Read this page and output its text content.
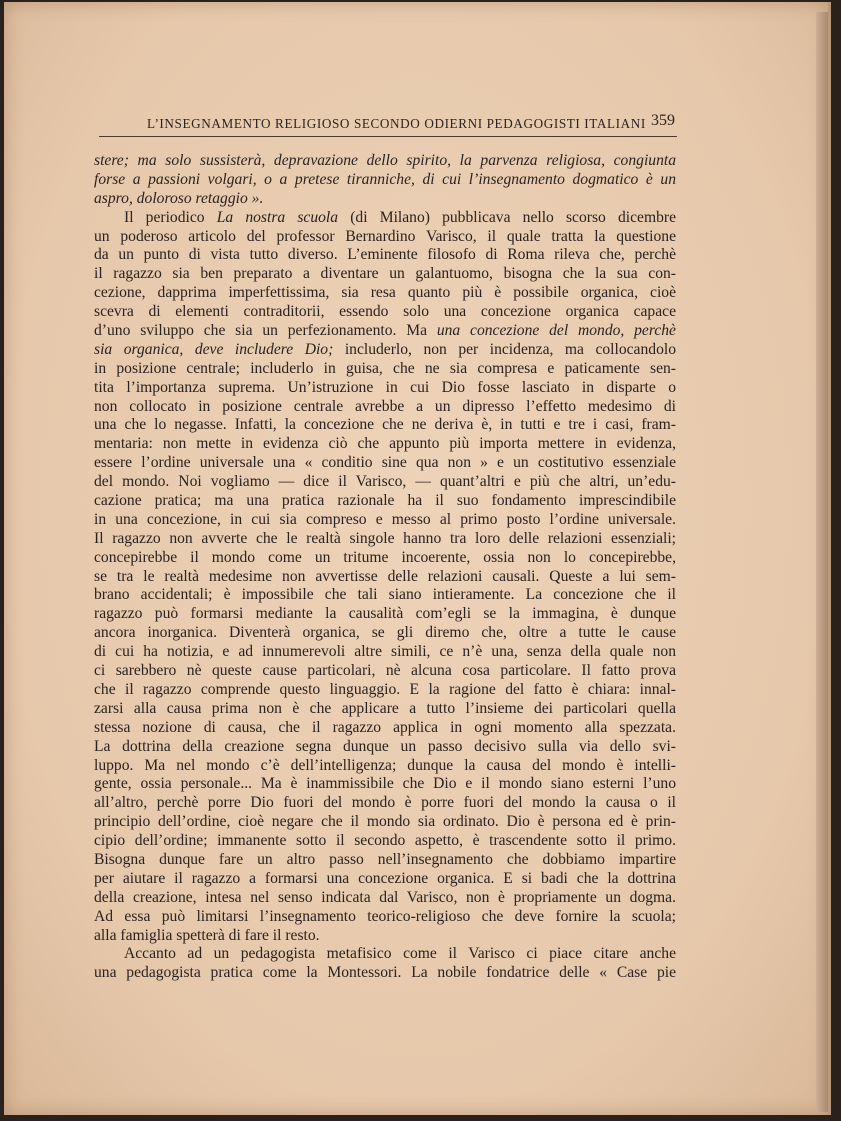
L’INSEGNAMENTO RELIGIOSO SECONDO ODIERNI PEDAGOGISTI ITALIANI 359
stere; ma solo sussisterà, depravazione dello spirito, la parvenza religiosa, congiunta
forse a passioni volgari, o a pretese tiranniche, di cui l’insegnamento dogmatico è un
aspro, doloroso retaggio ».
Il periodico La nostra scuola (di Milano) pubblicava nello scorso dicembre
un poderoso articolo del professor Bernardino Varisco, il quale tratta la questione
da un punto di vista tutto diverso. L’eminente filosofo di Roma rileva che, perchè
il ragazzo sia ben preparato a diventare un galantuomo, bisogna che la sua con-
cezione, dapprima imperfettissima, sia resa quanto più è possibile organica, cioè
scevra di elementi contraditorii, essendo solo una concezione organica capace
d’uno sviluppo che sia un perfezionamento. Ma una concezione del mondo, perchè
sia organica, deve includere Dio; includerlo, non per incidenza, ma collocandolo
in posizione centrale; includerlo in guisa, che ne sia compresa e paticamente sen-
tita l’importanza suprema. Un’istruzione in cui Dio fosse lasciato in disparte o
non collocato in posizione centrale avrebbe a un dipresso l’effetto medesimo di
una che lo negasse. Infatti, la concezione che ne deriva è, in tutti e tre i casi, fram-
mentaria: non mette in evidenza ciò che appunto più importa mettere in evidenza,
essere l’ordine universale una « conditio sine qua non » e un costitutivo essenziale
del mondo. Noi vogliamo — dice il Varisco, — quant’altri e più che altri, un’edu-
cazione pratica; ma una pratica razionale ha il suo fondamento imprescindibile
in una concezione, in cui sia compreso e messo al primo posto l’ordine universale.
Il ragazzo non avverte che le realtà singole hanno tra loro delle relazioni essenziali;
concepirebbe il mondo come un tritume incoerente, ossia non lo concepirebbe,
se tra le realtà medesime non avvertisse delle relazioni causali. Queste a lui sem-
brano accidentali; è impossibile che tali siano intieramente. La concezione che il
ragazzo può formarsi mediante la causalità com’egli se la immagina, è dunque
ancora inorganica. Diventerà organica, se gli diremo che, oltre a tutte le cause
di cui ha notizia, e ad innumerevoli altre simili, ce n’è una, senza della quale non
ci sarebbero nè queste cause particolari, nè alcuna cosa particolare. Il fatto prova
che il ragazzo comprende questo linguaggio. E la ragione del fatto è chiara: innal-
zarsi alla causa prima non è che applicare a tutto l’insieme dei particolari quella
stessa nozione di causa, che il ragazzo applica in ogni momento alla spezzata.
La dottrina della creazione segna dunque un passo decisivo sulla via dello svi-
luppo. Ma nel mondo c’è dell’intelligenza; dunque la causa del mondo è intelli-
gente, ossia personale... Ma è inammissibile che Dio e il mondo siano esterni l’uno
all’altro, perchè porre Dio fuori del mondo è porre fuori del mondo la causa o il
principio dell’ordine, cioè negare che il mondo sia ordinato. Dio è persona ed è prin-
cipio dell’ordine; immanente sotto il secondo aspetto, è trascendente sotto il primo.
Bisogna dunque fare un altro passo nell’insegnamento che dobbiamo impartire
per aiutare il ragazzo a formarsi una concezione organica. E si badi che la dottrina
della creazione, intesa nel senso indicata dal Varisco, non è propriamente un dogma.
Ad essa può limitarsi l’insegnamento teorico-religioso che deve fornire la scuola;
alla famiglia spetterà di fare il resto.
Accanto ad un pedagogista metafisico come il Varisco ci piace citare anche
una pedagogista pratica come la Montessori. La nobile fondatrice delle « Case pie
